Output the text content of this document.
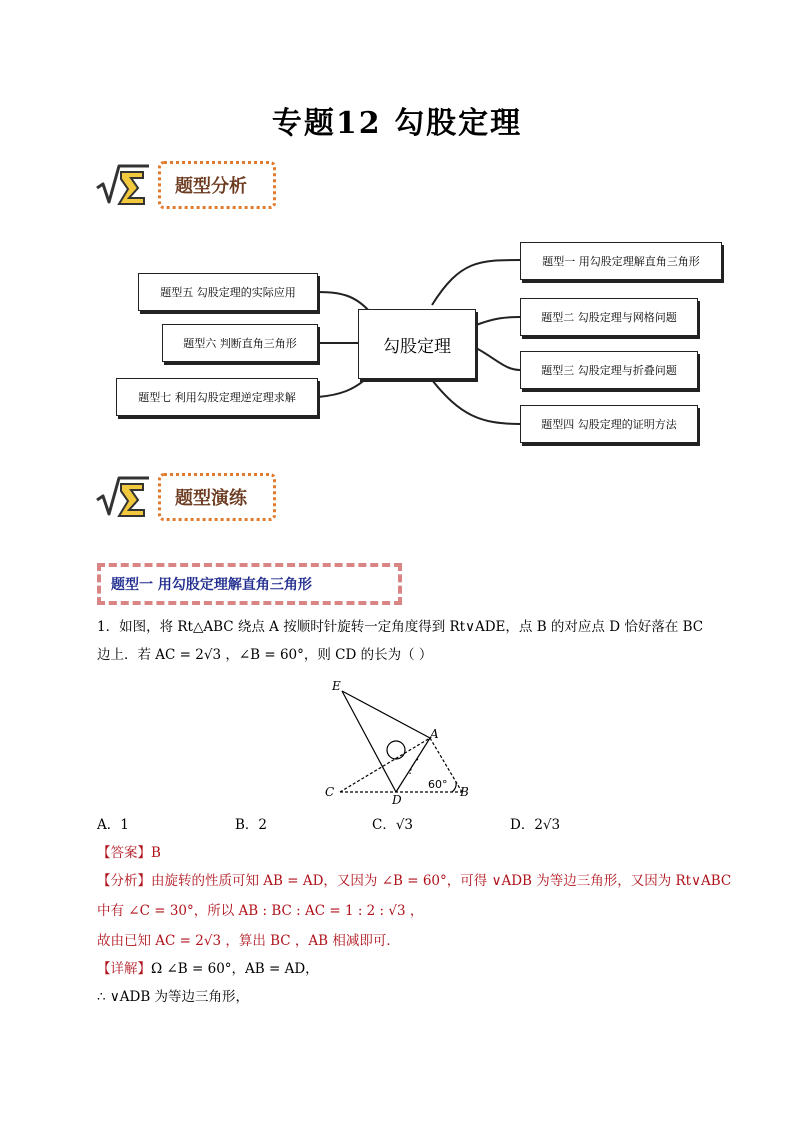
专题12 勾股定理
题型分析
勾股定理
题型一 用勾股定理解直角三角形
题型二 勾股定理与网格问题
题型三 勾股定理与折叠问题
题型四 勾股定理的证明方法
题型五 勾股定理的实际应用
题型六 判断直角三角形
题型七 利用勾股定理逆定理求解
题型演练
题型一 用勾股定理解直角三角形
1．如图，将 Rt△ABC 绕点 A 按顺时针旋转一定角度得到 Rt∨ADE，点 B 的对应点 D 恰好落在 BC
边上．若 AC = 2√3 ，∠B = 60°，则 CD 的长为（ ）
E
A
C
D
B
60°
A．1	B．2	C．√3	D．2√3
【答案】B
【分析】由旋转的性质可知 AB = AD，又因为 ∠B = 60°，可得 ∨ADB 为等边三角形，又因为 Rt∨ABC
中有 ∠C = 30°，所以 AB : BC : AC = 1 : 2 : √3 ，
故由已知 AC = 2√3 ，算出 BC ，AB 相减即可．
【详解】Ω ∠B = 60°，AB = AD，
∴ ∨ADB 为等边三角形，
